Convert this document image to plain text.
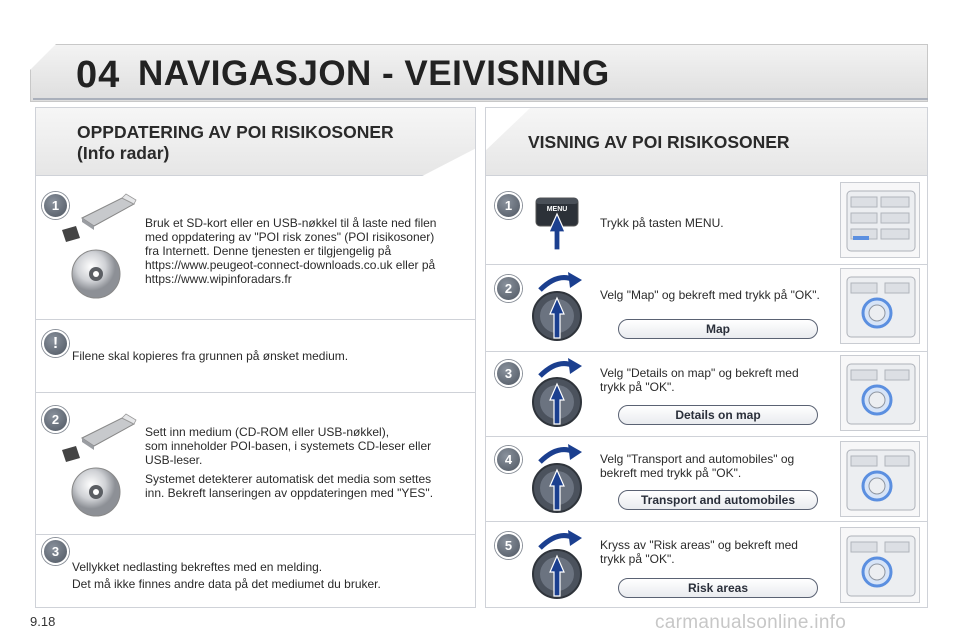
04 NAVIGASJON - VEIVISNING
OPPDATERING AV POI RISIKOSONER
(Info radar)
1
Bruk et SD-kort eller en USB-nøkkel til å laste ned filen
med oppdatering av "POI risk zones" (POI risikosoner)
fra Internett. Denne tjenesten er tilgjengelig på
https://www.peugeot-connect-downloads.co.uk eller på
https://www.wipinforadars.fr
!
Filene skal kopieres fra grunnen på ønsket medium.
2
Sett inn medium (CD-ROM eller USB-nøkkel),
som inneholder POI-basen, i systemets CD-leser eller
USB-leser.
Systemet detekterer automatisk det media som settes
inn. Bekreft lanseringen av oppdateringen med "YES".
3
Vellykket nedlasting bekreftes med en melding.
Det må ikke finnes andre data på det mediumet du bruker.
VISNING AV POI RISIKOSONER
1	MENU
Trykk på tasten MENU.
2	Velg "Map" og bekreft med trykk på "OK".
Map
3	Velg "Details on map" og bekreft med
trykk på "OK".
Details on map
4	Velg "Transport and automobiles" og
bekreft med trykk på "OK".
Transport and automobiles
5	Kryss av "Risk areas" og bekreft med
trykk på "OK".
Risk areas
9.18	carmanualsonline.info
